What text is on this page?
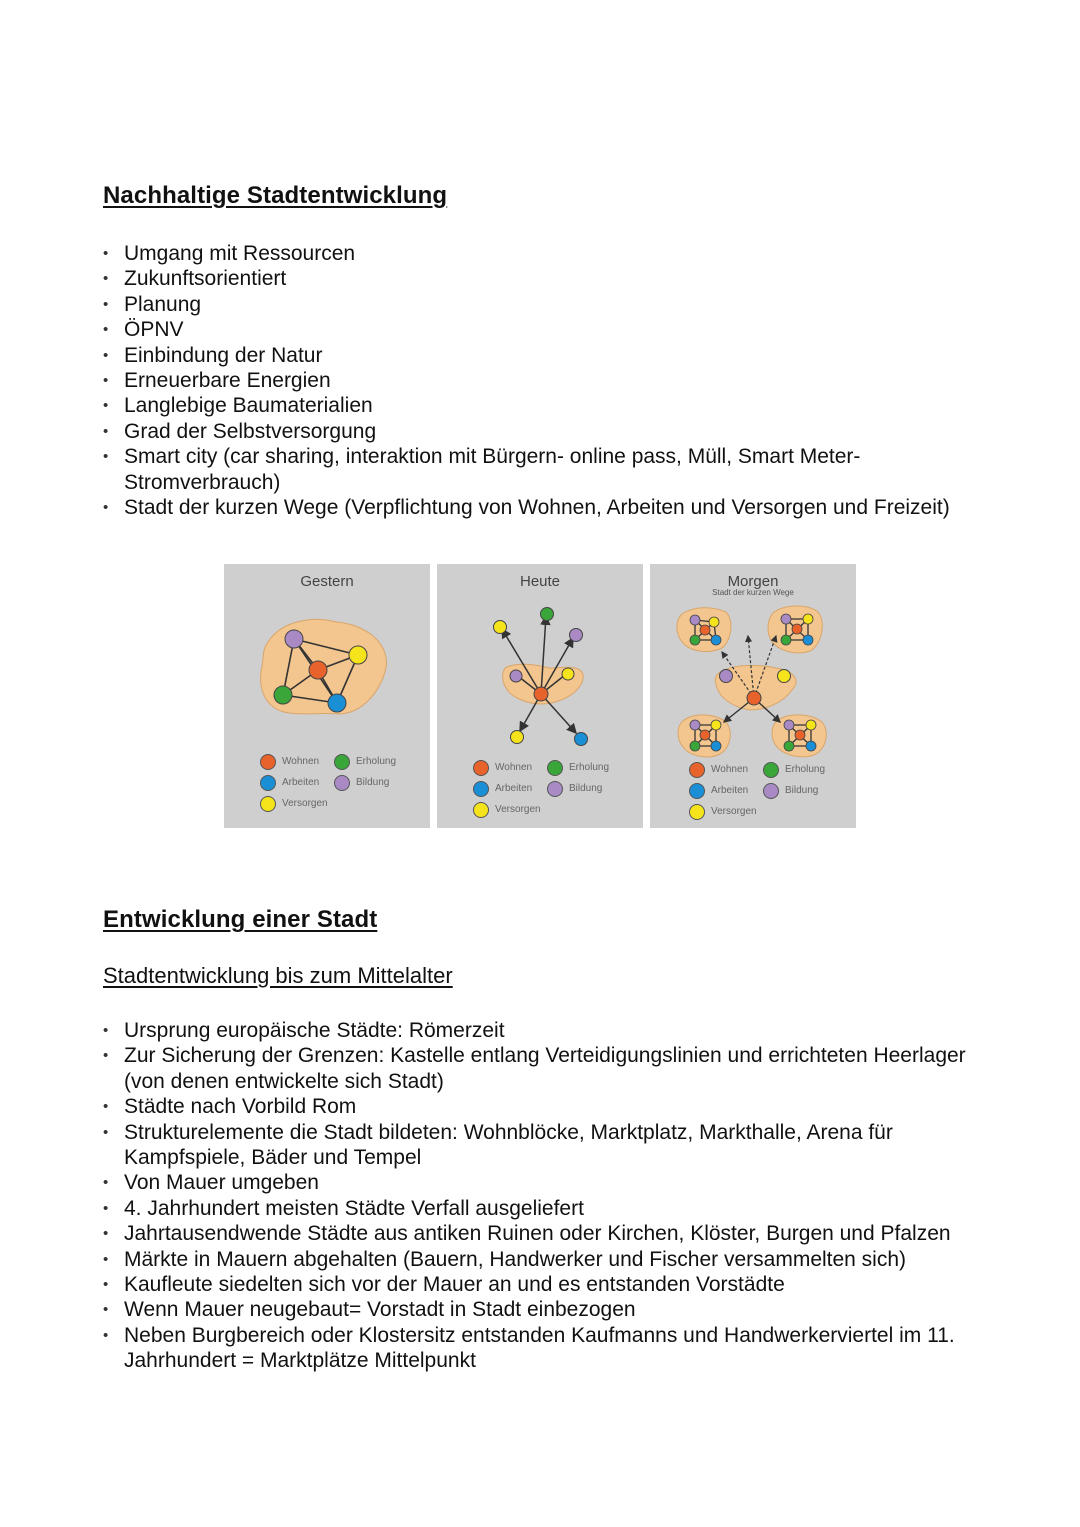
Nachhaltige Stadtentwicklung
• Umgang mit Ressourcen
• Zukunftsorientiert
• Planung
• ÖPNV
• Einbindung der Natur
• Erneuerbare Energien
• Langlebige Baumaterialien
• Grad der Selbstversorgung
• Smart city (car sharing, interaktion mit Bürgern- online pass, Müll, Smart Meter-Stromverbrauch)
• Stadt der kurzen Wege (Verpflichtung von Wohnen, Arbeiten und Versorgen und Freizeit)
Gestern
Wohnen
Arbeiten
Versorgen
Erholung
Bildung
Heute
Wohnen
Arbeiten
Versorgen
Erholung
Bildung
Morgen
Stadt der kurzen Wege
Wohnen
Arbeiten
Versorgen
Erholung
Bildung
Entwicklung einer Stadt
Stadtentwicklung bis zum Mittelalter
• Ursprung europäische Städte: Römerzeit
• Zur Sicherung der Grenzen: Kastelle entlang Verteidigungslinien und errichteten Heerlager (von denen entwickelte sich Stadt)
• Städte nach Vorbild Rom
• Strukturelemente die Stadt bildeten: Wohnblöcke, Marktplatz, Markthalle, Arena für Kampfspiele, Bäder und Tempel
• Von Mauer umgeben
• 4. Jahrhundert meisten Städte Verfall ausgeliefert
• Jahrtausendwende Städte aus antiken Ruinen oder Kirchen, Klöster, Burgen und Pfalzen
• Märkte in Mauern abgehalten (Bauern, Handwerker und Fischer versammelten sich)
• Kaufleute siedelten sich vor der Mauer an und es entstanden Vorstädte
• Wenn Mauer neugebaut= Vorstadt in Stadt einbezogen
• Neben Burgbereich oder Klostersitz entstanden Kaufmanns und Handwerkerviertel im 11. Jahrhundert = Marktplätze Mittelpunkt
